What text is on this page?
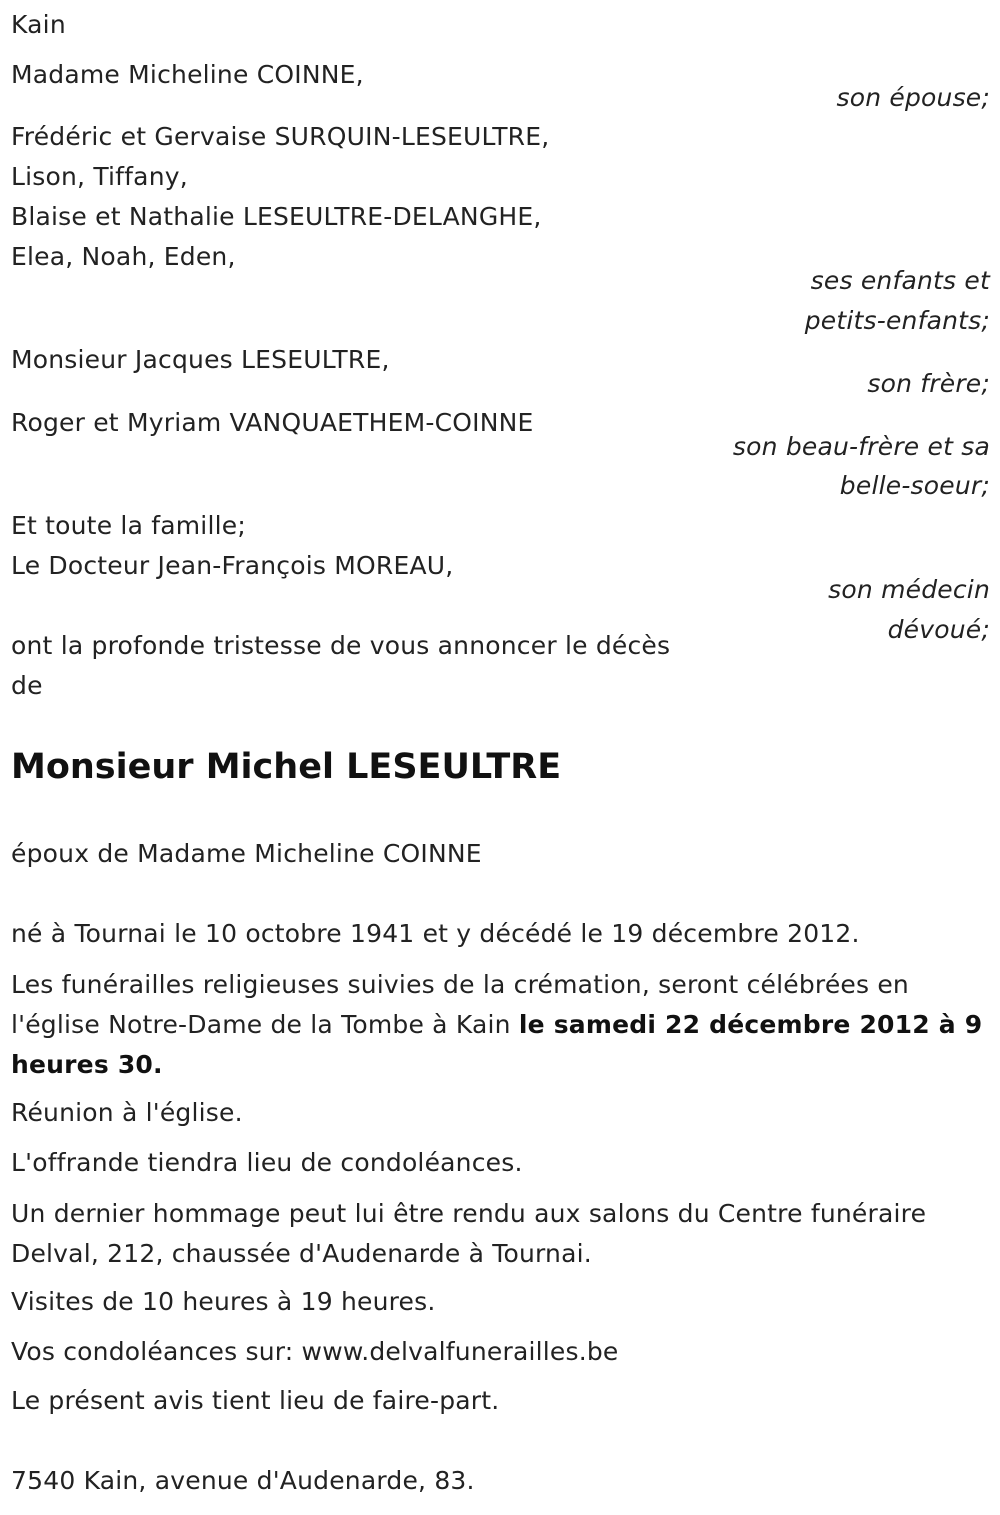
Kain
Madame Micheline COINNE,
son épouse;
Frédéric et Gervaise SURQUIN-LESEULTRE,
Lison, Tiffany,
Blaise et Nathalie LESEULTRE-DELANGHE,
Elea, Noah, Eden,
ses enfants et
petits-enfants;
Monsieur Jacques LESEULTRE,
son frère;
Roger et Myriam VANQUAETHEM-COINNE
son beau-frère et sa
belle-soeur;
Et toute la famille;
Le Docteur Jean-François MOREAU,
son médecin
dévoué;
ont la profonde tristesse de vous annoncer le décès
de
Monsieur Michel LESEULTRE
époux de Madame Micheline COINNE
né à Tournai le 10 octobre 1941 et y décédé le 19 décembre 2012.
Les funérailles religieuses suivies de la crémation, seront célébrées en l'église Notre-Dame de la Tombe à Kain le samedi 22 décembre 2012 à 9 heures 30.
Réunion à l'église.
L'offrande tiendra lieu de condoléances.
Un dernier hommage peut lui être rendu aux salons du Centre funéraire Delval, 212, chaussée d'Audenarde à Tournai.
Visites de 10 heures à 19 heures.
Vos condoléances sur: www.delvalfunerailles.be
Le présent avis tient lieu de faire-part.
7540 Kain, avenue d'Audenarde, 83.
